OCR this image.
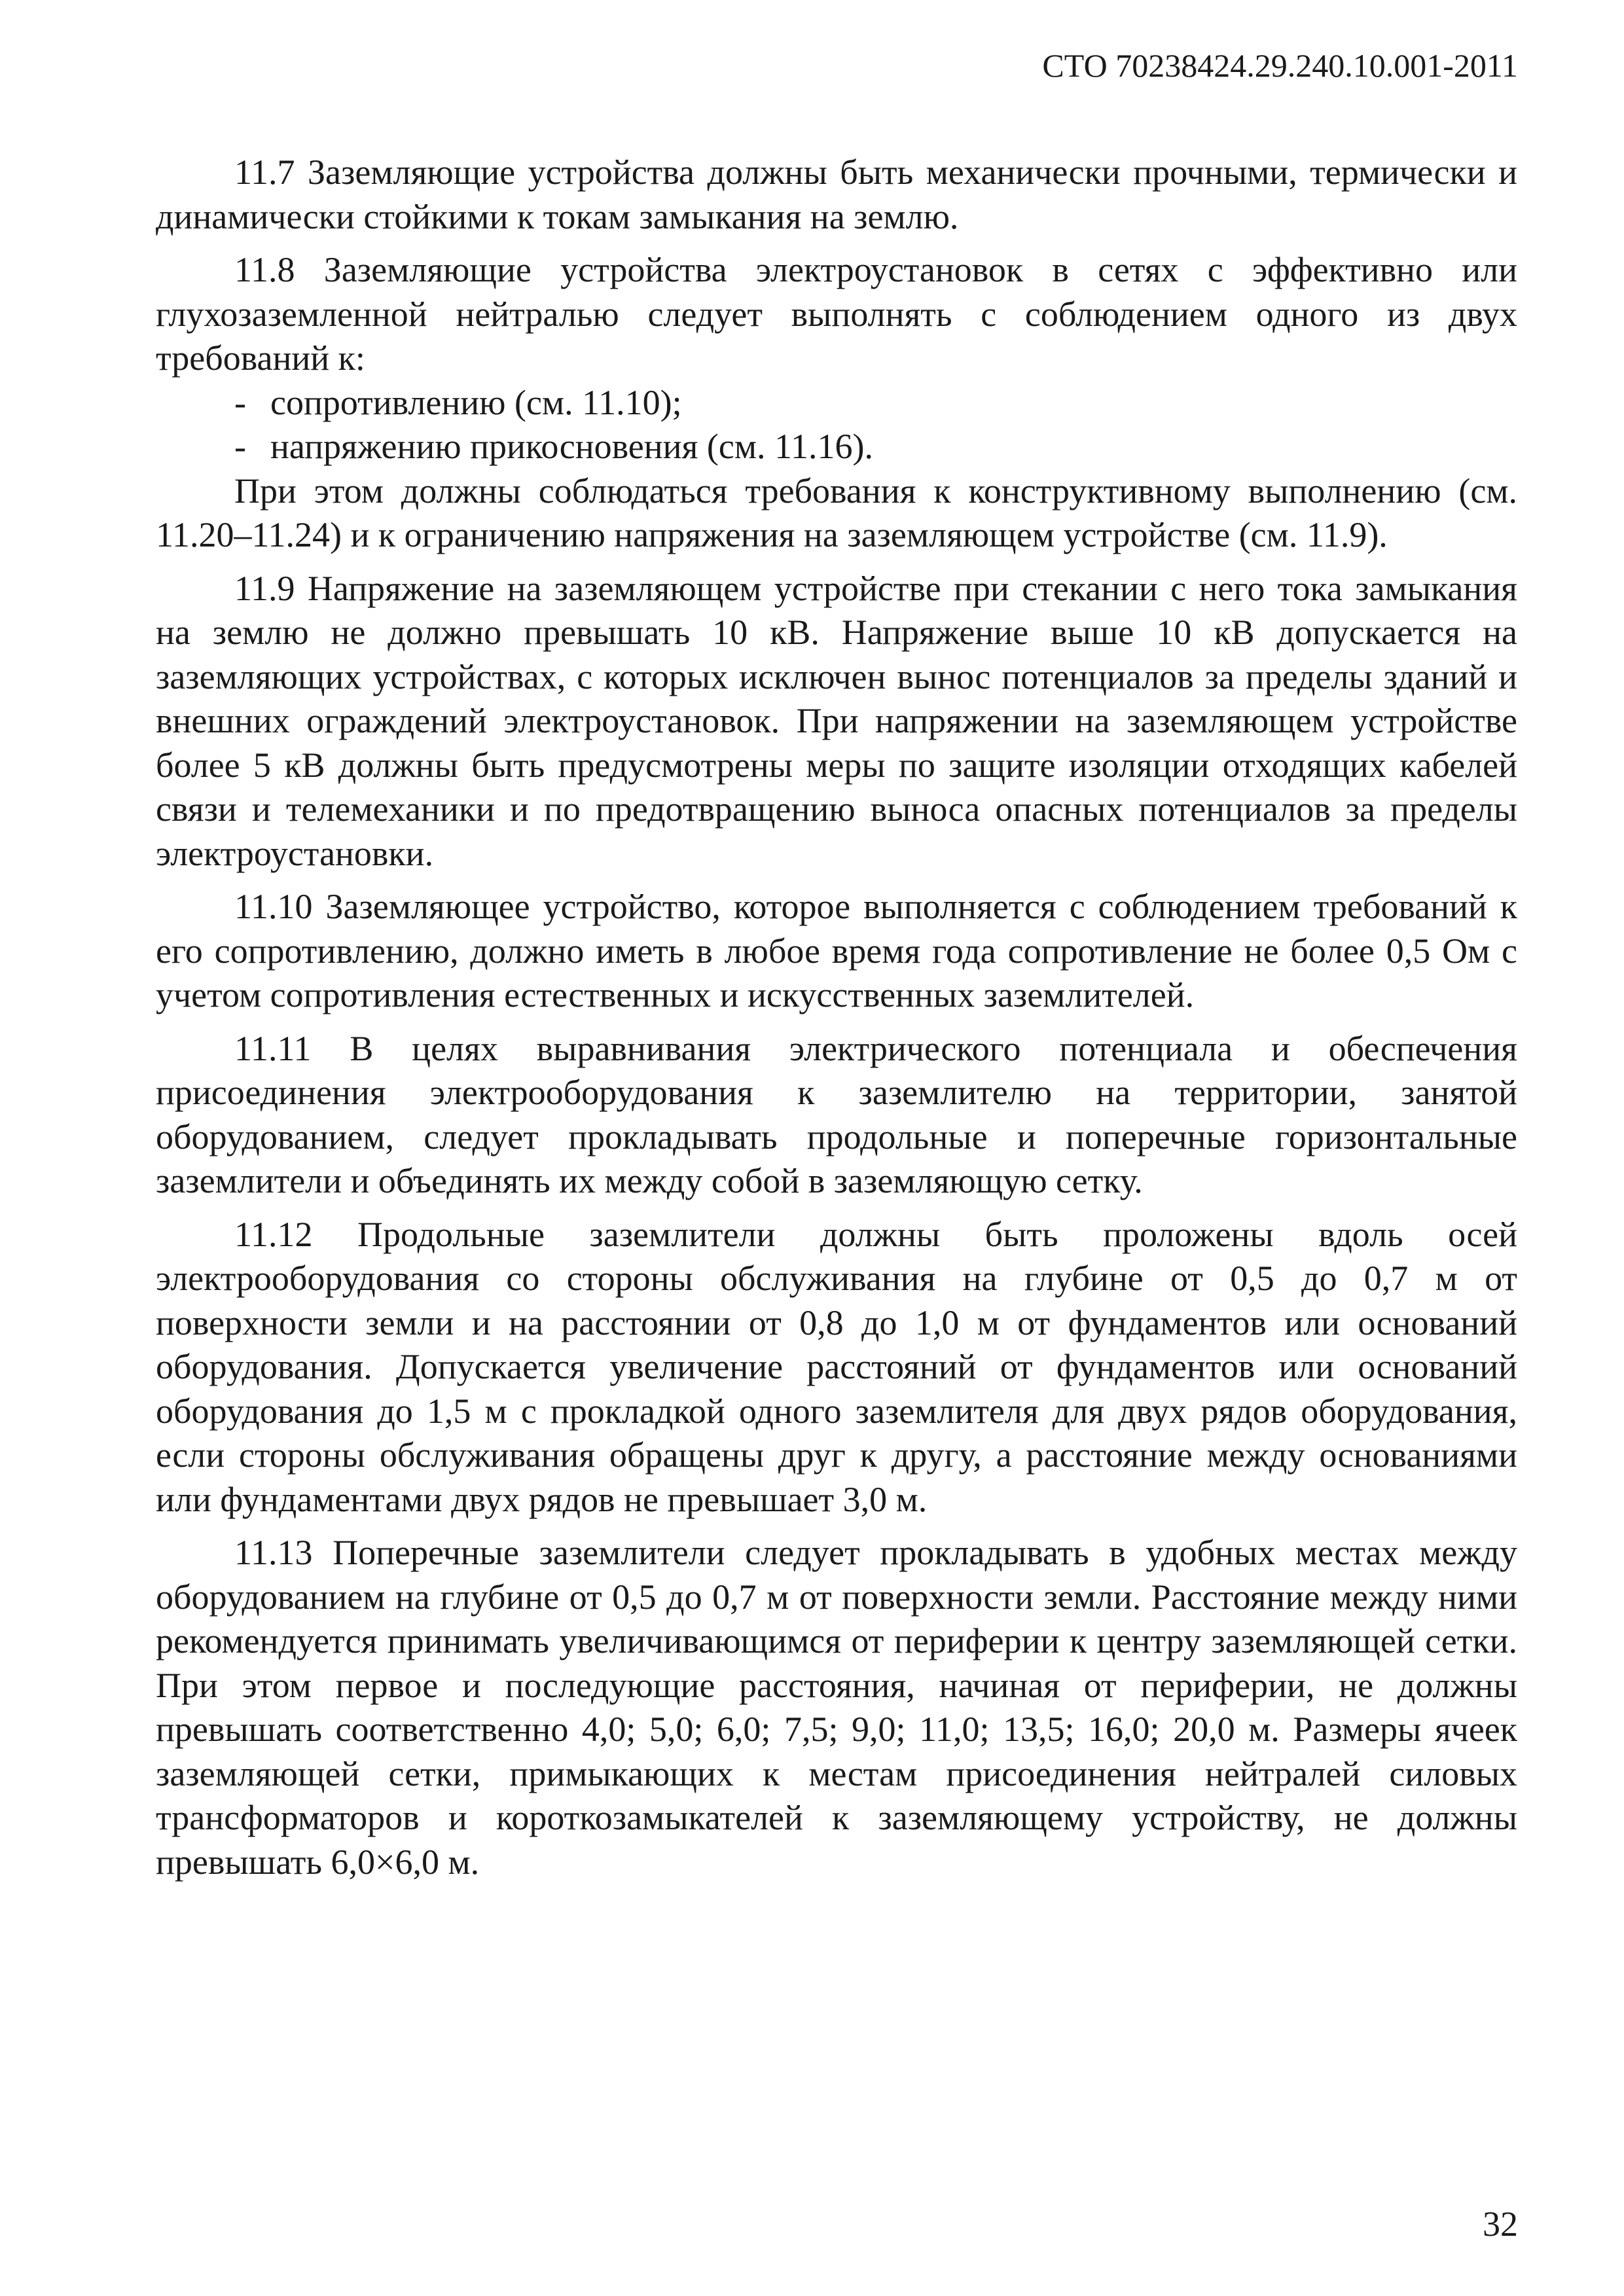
СТО 70238424.29.240.10.001-2011

11.7 Заземляющие устройства должны быть механически прочными, термически и динамически стойкими к токам замыкания на землю.

11.8 Заземляющие устройства электроустановок в сетях с эффективно или глухозаземленной нейтралью следует выполнять с соблюдением одного из двух требований к:

- сопротивлению (см. 11.10);
- напряжению прикосновения (см. 11.16).

При этом должны соблюдаться требования к конструктивному выполнению (см. 11.20–11.24) и к ограничению напряжения на заземляющем устройстве (см. 11.9).

11.9 Напряжение на заземляющем устройстве при стекании с него тока замыкания на землю не должно превышать 10 кВ. Напряжение выше 10 кВ допускается на заземляющих устройствах, с которых исключен вынос потенциалов за пределы зданий и внешних ограждений электроустановок. При напряжении на заземляющем устройстве более 5 кВ должны быть предусмотрены меры по защите изоляции отходящих кабелей связи и телемеханики и по предотвращению выноса опасных потенциалов за пределы электроустановки.

11.10 Заземляющее устройство, которое выполняется с соблюдением требований к его сопротивлению, должно иметь в любое время года сопротивление не более 0,5 Ом с учетом сопротивления естественных и искусственных заземлителей.

11.11 В целях выравнивания электрического потенциала и обеспечения присоединения электрооборудования к заземлителю на территории, занятой оборудованием, следует прокладывать продольные и поперечные горизонтальные заземлители и объединять их между собой в заземляющую сетку.

11.12 Продольные заземлители должны быть проложены вдоль осей электрооборудования со стороны обслуживания на глубине от 0,5 до 0,7 м от поверхности земли и на расстоянии от 0,8 до 1,0 м от фундаментов или оснований оборудования. Допускается увеличение расстояний от фундаментов или оснований оборудования до 1,5 м с прокладкой одного заземлителя для двух рядов оборудования, если стороны обслуживания обращены друг к другу, а расстояние между основаниями или фундаментами двух рядов не превышает 3,0 м.

11.13 Поперечные заземлители следует прокладывать в удобных местах между оборудованием на глубине от 0,5 до 0,7 м от поверхности земли. Расстояние между ними рекомендуется принимать увеличивающимся от периферии к центру заземляющей сетки. При этом первое и последующие расстояния, начиная от периферии, не должны превышать соответственно 4,0; 5,0; 6,0; 7,5; 9,0; 11,0; 13,5; 16,0; 20,0 м. Размеры ячеек заземляющей сетки, примыкающих к местам присоединения нейтралей силовых трансформаторов и короткозамыкателей к заземляющему устройству, не должны превышать 6,0×6,0 м.

32
